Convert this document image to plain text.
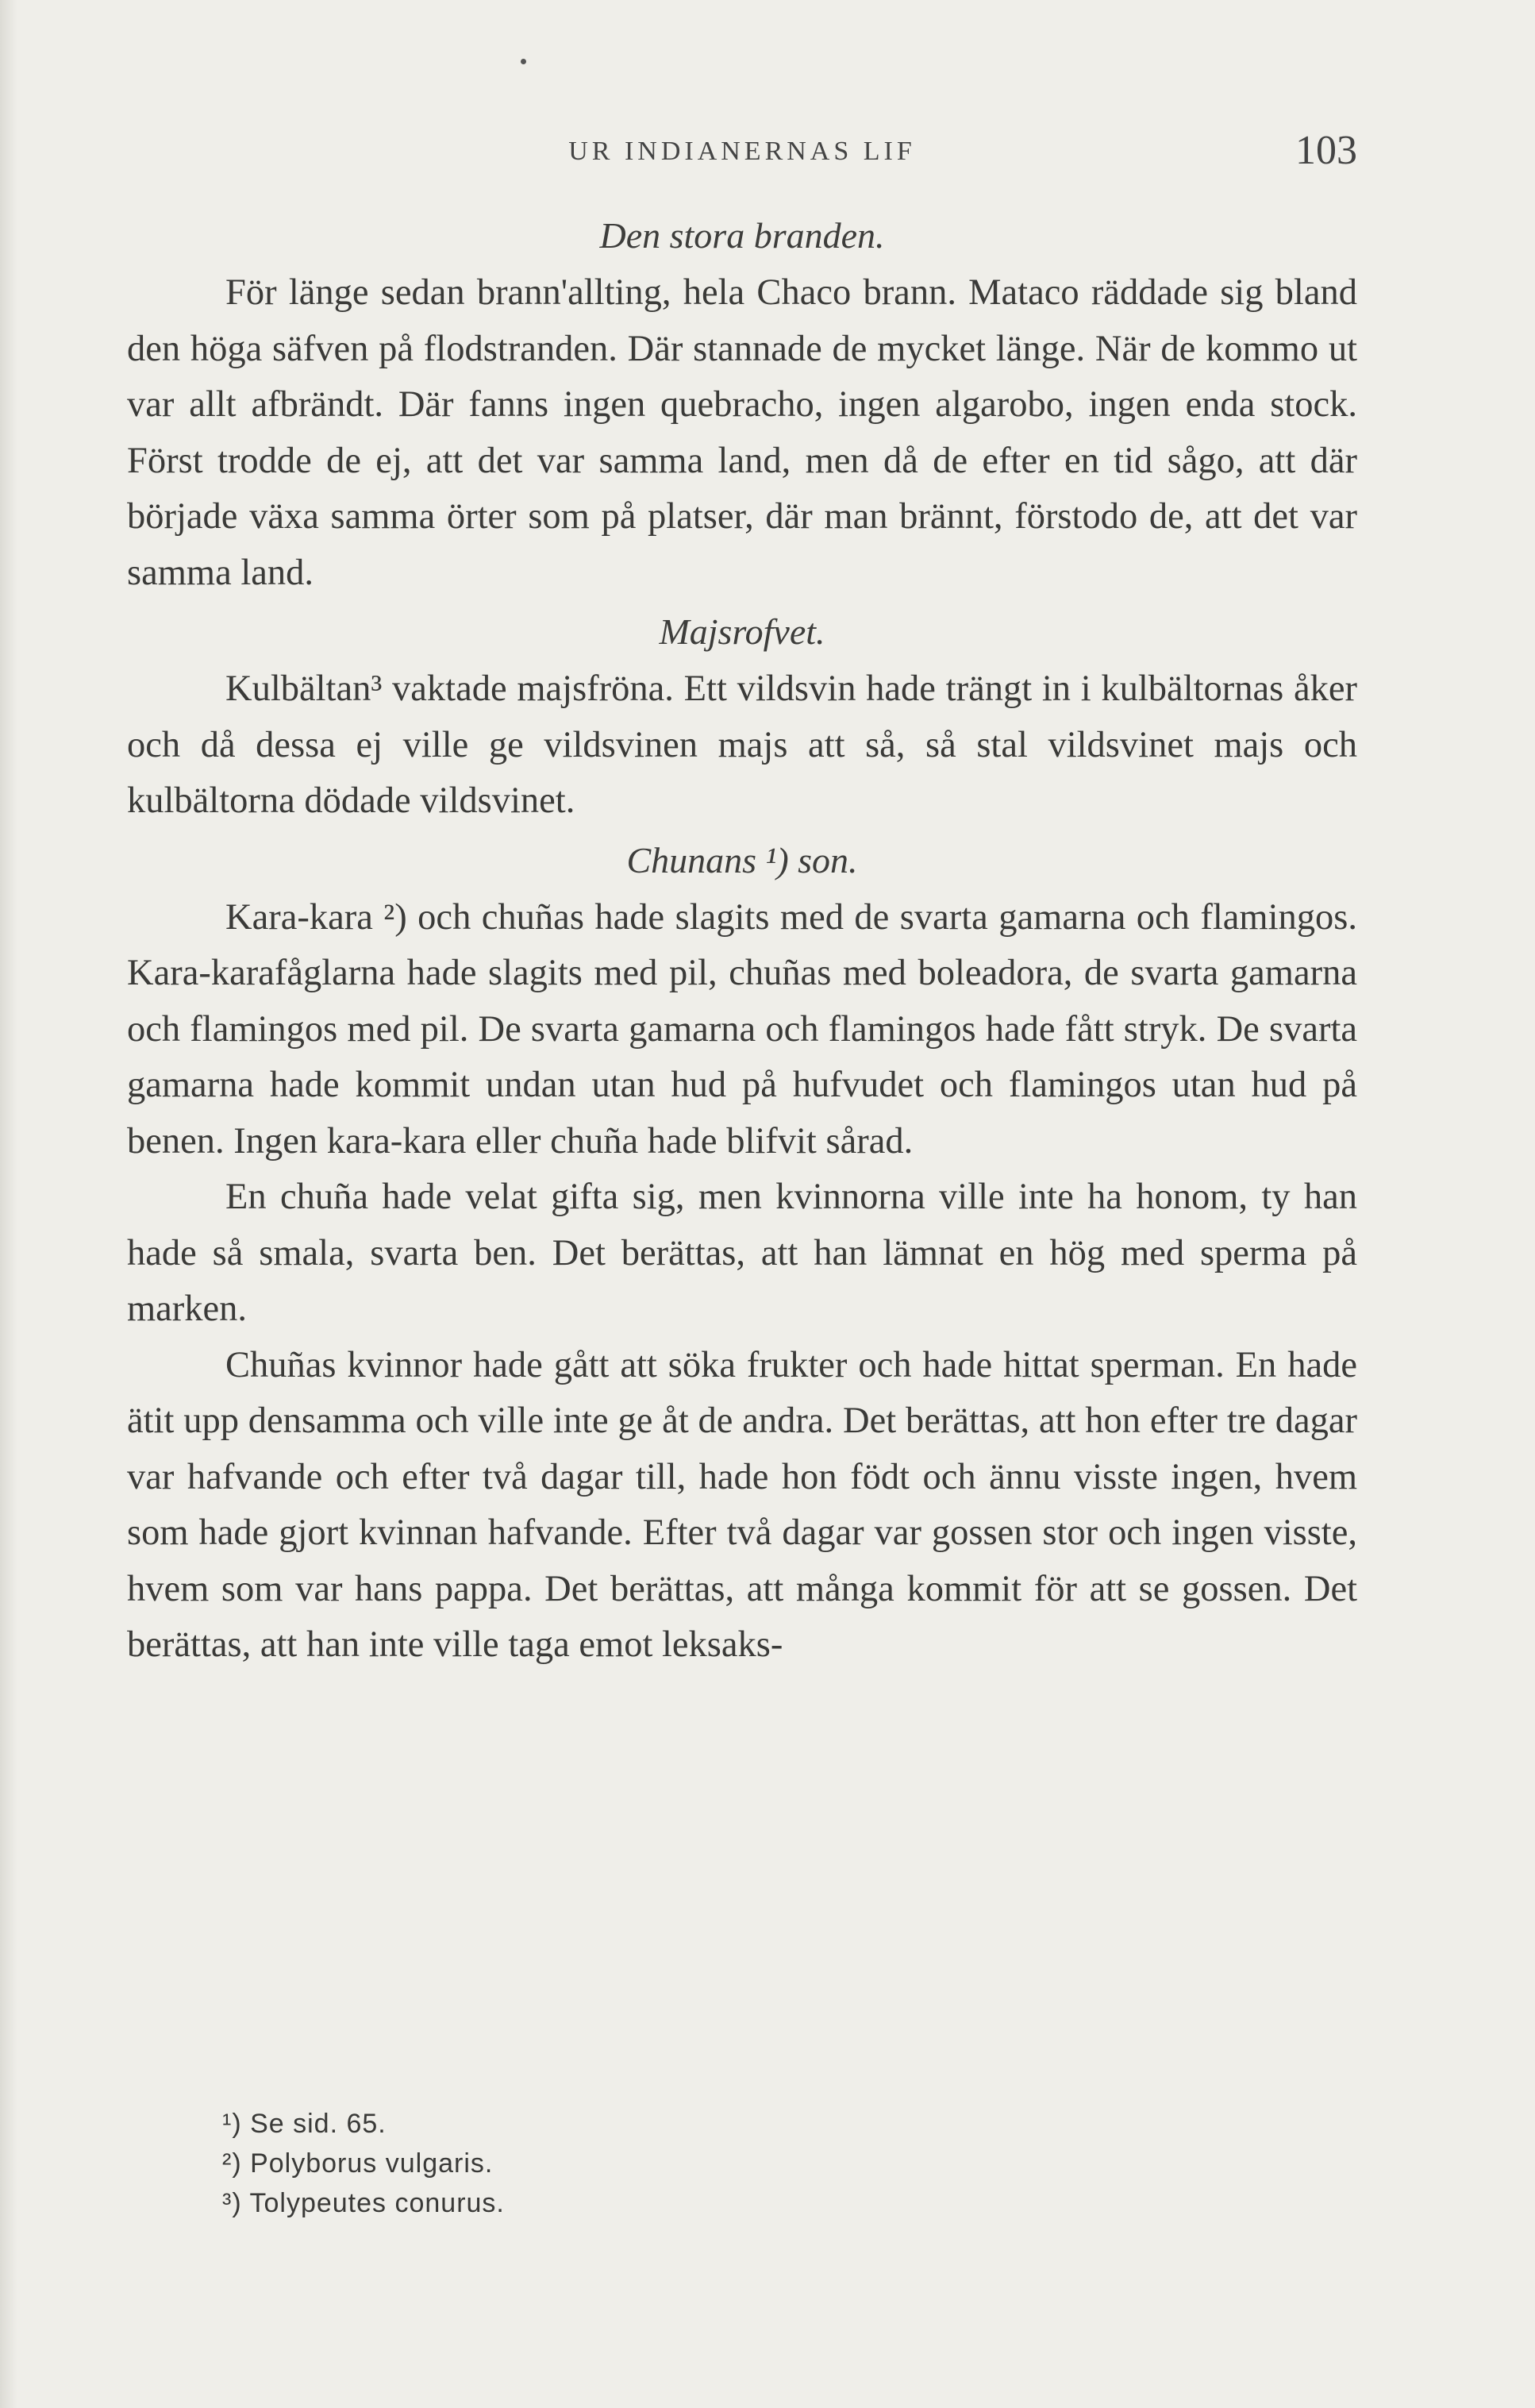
UR INDIANERNAS LIF	103
Den stora branden.

För länge sedan brann'allting, hela Chaco brann. Mataco räddade sig bland den höga säfven på flodstranden. Där stannade de mycket länge. När de kommo ut var allt afbrändt. Där fanns ingen quebracho, ingen algarobo, ingen enda stock. Först trodde de ej, att det var samma land, men då de efter en tid sågo, att där började växa samma örter som på platser, där man brännt, förstodo de, att det var samma land.

Majsrofvet.

Kulbältan³ vaktade majsfröna. Ett vildsvin hade trängt in i kulbältornas åker och då dessa ej ville ge vildsvinen majs att så, så stal vildsvinet majs och kulbältorna dödade vildsvinet.

Chunans ¹) son.

Kara-kara ²) och chuñas hade slagits med de svarta gamarna och flamingos. Kara-karafåglarna hade slagits med pil, chuñas med boleadora, de svarta gamarna och flamingos med pil. De svarta gamarna och flamingos hade fått stryk. De svarta gamarna hade kommit undan utan hud på hufvudet och flamingos utan hud på benen. Ingen kara-kara eller chuña hade blifvit sårad.

En chuña hade velat gifta sig, men kvinnorna ville inte ha honom, ty han hade så smala, svarta ben. Det berättas, att han lämnat en hög med sperma på marken.

Chuñas kvinnor hade gått att söka frukter och hade hittat sperman. En hade ätit upp densamma och ville inte ge åt de andra. Det berättas, att hon efter tre dagar var hafvande och efter två dagar till, hade hon födt och ännu visste ingen, hvem som hade gjort kvinnan hafvande. Efter två dagar var gossen stor och ingen visste, hvem som var hans pappa. Det berättas, att många kommit för att se gossen. Det berättas, att han inte ville taga emot leksaks-

¹) Se sid. 65.
²) Polyborus vulgaris.
³) Tolypeutes conurus.
